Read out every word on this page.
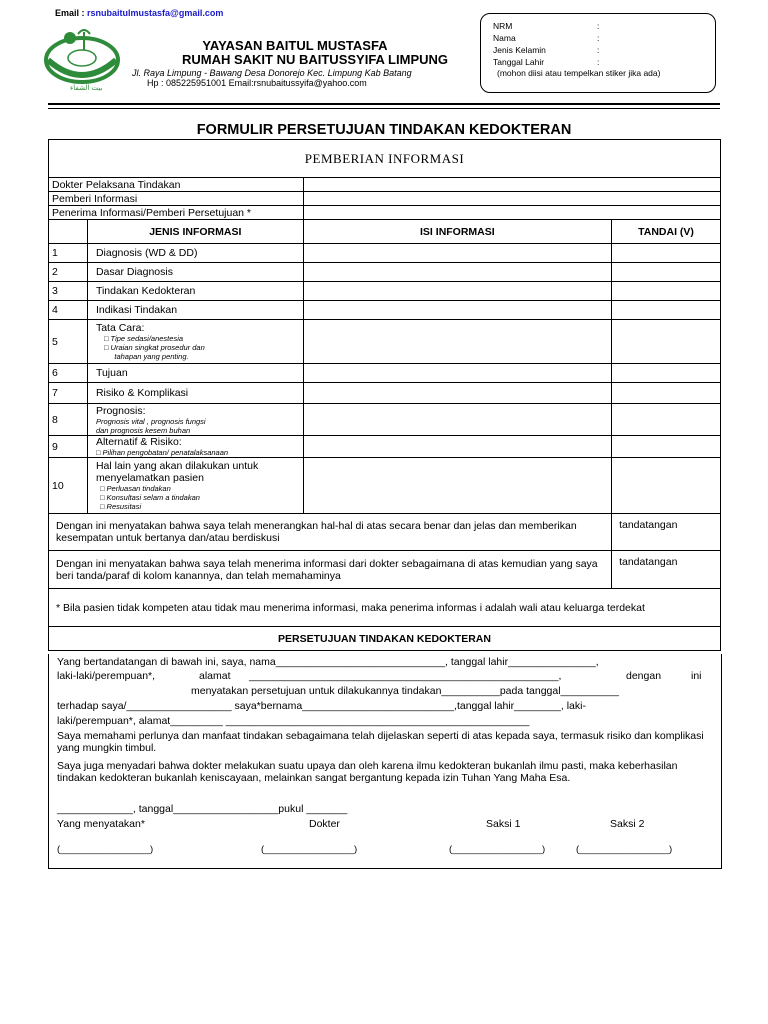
Email : rsnubaitulmustasfa@gmail.com
بيت الشفاء
YAYASAN BAITUL MUSTASFA
RUMAH SAKIT NU BAITUSSYIFA LIMPUNG
Jl. Raya Limpung - Bawang Desa Donorejo Kec. Limpung Kab Batang
Hp : 085225951001 Email:rsnubaitussyifa@yahoo.com
NRM	:
Nama	:
Jenis Kelamin	:
Tanggal Lahir	:
(mohon diisi atau tempelkan stiker jika ada)
FORMULIR PERSETUJUAN TINDAKAN KEDOKTERAN
PEMBERIAN INFORMASI			
Dokter Pelaksana Tindakan			
Pemberi Informasi			
Penerima Informasi/Pemberi Persetujuan *			
	JENIS INFORMASI	ISI INFORMASI	TANDAI (V)
1	Diagnosis (WD & DD)		
2	Dasar Diagnosis		
3	Tindakan Kedokteran		
4	Indikasi Tindakan		
5	Tata Cara:
□ Tipe sedasi/anestesia
□ Uraian singkat prosedur dan
tahapan yang penting.		

6	Tujuan		
7	Risiko & Komplikasi		
8	Prognosis:
Prognosis vital , prognosis fungsi
dan prognosis kesem buhan		

9	Alternatif & Risiko:
□ Pilihan pengobatan/ penatalaksanaan		

10	Hal lain yang akan dilakukan untuk menyelamatkan pasien
□ Perluasan tindakan
□ Konsultasi selam a tindakan
□ Resusitasi		

Dengan ini menyatakan bahwa saya telah menerangkan hal-hal di atas secara benar dan jelas dan memberikan kesempatan untuk bertanya dan/atau berdiskusi			tandatangan
Dengan ini menyatakan bahwa saya telah menerima informasi dari dokter sebagaimana di atas kemudian yang saya beri tanda/paraf di kolom kanannya, dan telah memahaminya			tandatangan
* Bila pasien tidak kompeten atau tidak mau menerima informasi, maka penerima informas i adalah wali atau keluarga terdekat			
PERSETUJUAN TINDAKAN KEDOKTERAN			
Yang bertandatangan di bawah ini, saya, nama_____________________________, tanggal lahir_______________,
laki-laki/perempuan*,	alamat _____________________________________________________,	dengan	ini
menyatakan persetujuan untuk dilakukannya tindakan__________pada tanggal__________
terhadap saya/__________________ saya*bernama__________________________,tanggal lahir________, laki-
laki/perempuan*, alamat_________ ____________________________________________________
Saya memahami perlunya dan manfaat tindakan sebagaimana telah dijelaskan seperti di atas kepada saya, termasuk risiko dan komplikasi yang mungkin timbul.
Saya juga menyadari bahwa dokter melakukan suatu upaya dan oleh karena ilmu kedokteran bukanlah ilmu pasti, maka keberhasilan tindakan kedokteran bukanlah keniscayaan, melainkan sangat bergantung kepada izin Tuhan Yang Maha Esa.
_____________, tanggal__________________pukul _______
Yang menyatakan*	Dokter	Saksi 1	Saksi 2
(_________________)	(_________________)	(_________________)	(_________________)
